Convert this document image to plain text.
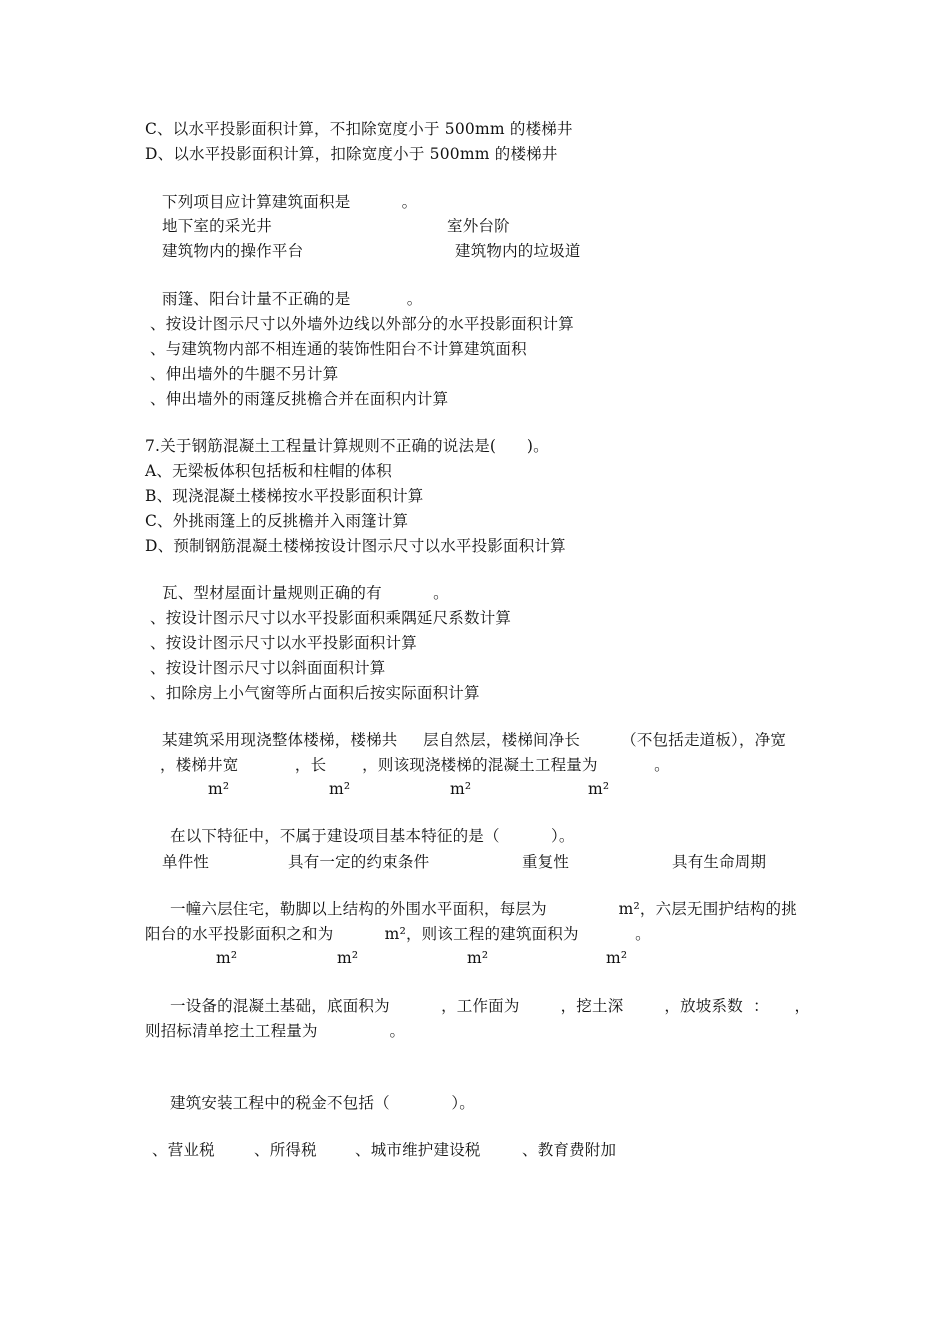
C、以水平投影面积计算，不扣除宽度小于 500mm 的楼梯井
D、以水平投影面积计算，扣除宽度小于 500mm 的楼梯井
下列项目应计算建筑面积是          。
地下室的采光井	室外台阶
建筑物内的操作平台	建筑物内的垃圾道
雨篷、阳台计量不正确的是           。
、按设计图示尺寸以外墙外边线以外部分的水平投影面积计算
、与建筑物内部不相连通的装饰性阳台不计算建筑面积
、伸出墙外的牛腿不另计算
、伸出墙外的雨篷反挑檐合并在面积内计算
7.关于钢筋混凝土工程量计算规则不正确的说法是(      )。
A、无梁板体积包括板和柱帽的体积
B、现浇混凝土楼梯按水平投影面积计算
C、外挑雨篷上的反挑檐并入雨篷计算
D、预制钢筋混凝土楼梯按设计图示尺寸以水平投影面积计算
瓦、型材屋面计量规则正确的有          。
、按设计图示尺寸以水平投影面积乘隅延尺系数计算
、按设计图示尺寸以水平投影面积计算
、按设计图示尺寸以斜面面积计算
、扣除房上小气窗等所占面积后按实际面积计算
某建筑采用现浇整体楼梯，楼梯共     层自然层，楼梯间净长        （不包括走道板），净宽
，楼梯井宽           ，长       ，则该现浇楼梯的混凝土工程量为           。
m²	m²	m²	m²
在以下特征中，不属于建设项目基本特征的是（          ）。
单件性	具有一定的约束条件	重复性	具有生命周期
一幢六层住宅，勒脚以上结构的外围水平面积，每层为              m²，六层无围护结构的挑
阳台的水平投影面积之和为          m²，则该工程的建筑面积为           。
m²	m²	m²	m²
一设备的混凝土基础，底面积为          ，工作面为        ，挖土深        ，放坡系数  ：     ，
则招标清单挖土工程量为              。
建筑安装工程中的税金不包括（            ）。
、营业税	、所得税 、城市维护建设税	、教育费附加
